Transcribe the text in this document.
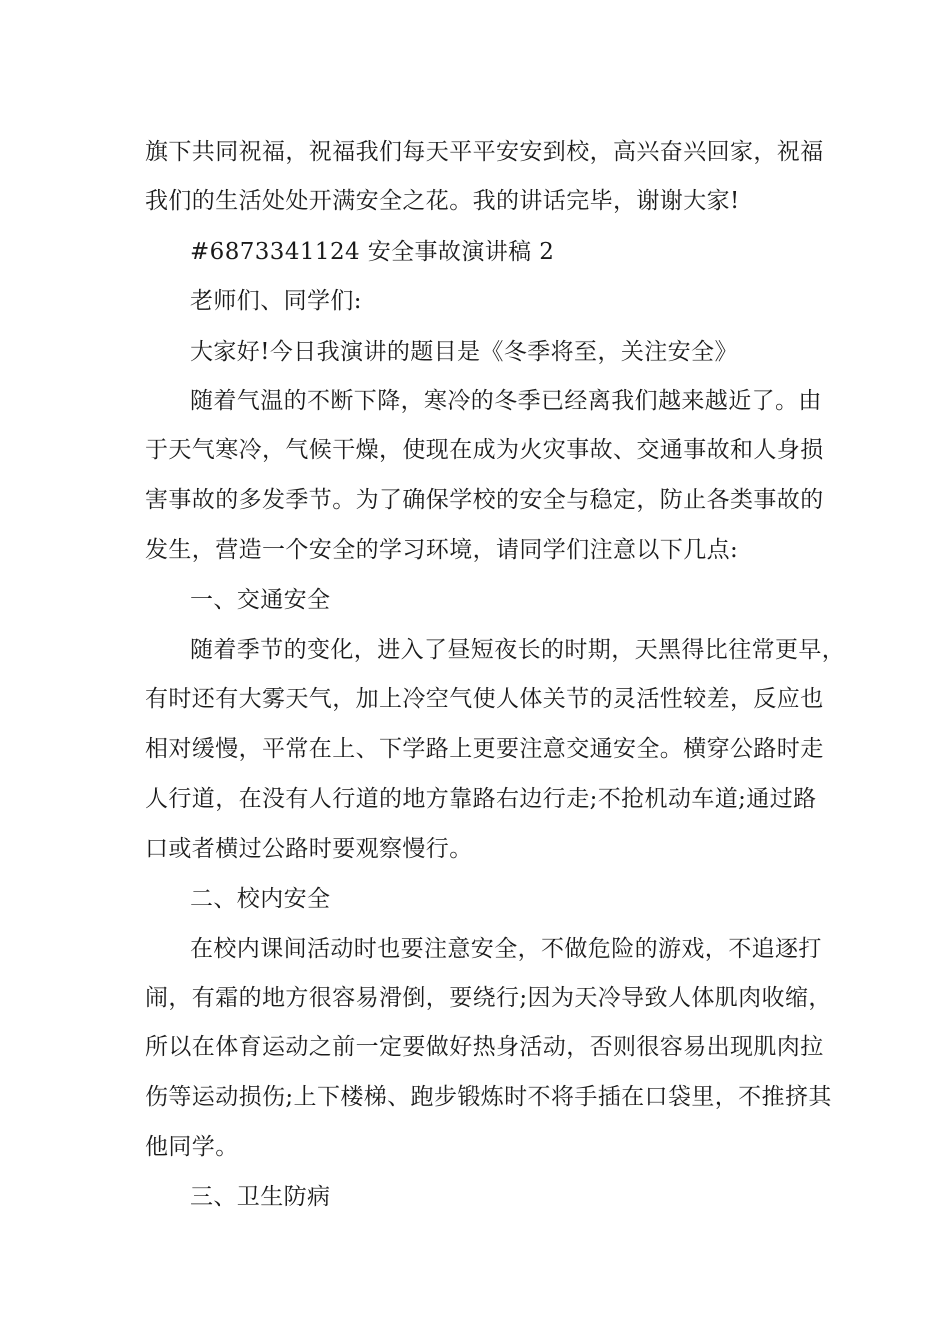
旗下共同祝福，祝福我们每天平平安安到校，高兴奋兴回家，祝福
我们的生活处处开满安全之花。我的讲话完毕，谢谢大家!
#6873341124 安全事故演讲稿 2
老师们、同学们:
大家好!今日我演讲的题目是《冬季将至，关注安全》
随着气温的不断下降，寒冷的冬季已经离我们越来越近了。由
于天气寒冷，气候干燥，使现在成为火灾事故、交通事故和人身损
害事故的多发季节。为了确保学校的安全与稳定，防止各类事故的
发生，营造一个安全的学习环境，请同学们注意以下几点:
一、交通安全
随着季节的变化，进入了昼短夜长的时期，天黑得比往常更早，
有时还有大雾天气，加上冷空气使人体关节的灵活性较差，反应也
相对缓慢，平常在上、下学路上更要注意交通安全。横穿公路时走
人行道，在没有人行道的地方靠路右边行走;不抢机动车道;通过路
口或者横过公路时要观察慢行。
二、校内安全
在校内课间活动时也要注意安全，不做危险的游戏，不追逐打
闹，有霜的地方很容易滑倒，要绕行;因为天冷导致人体肌肉收缩，
所以在体育运动之前一定要做好热身活动，否则很容易出现肌肉拉
伤等运动损伤;上下楼梯、跑步锻炼时不将手插在口袋里，不推挤其
他同学。
三、卫生防病
